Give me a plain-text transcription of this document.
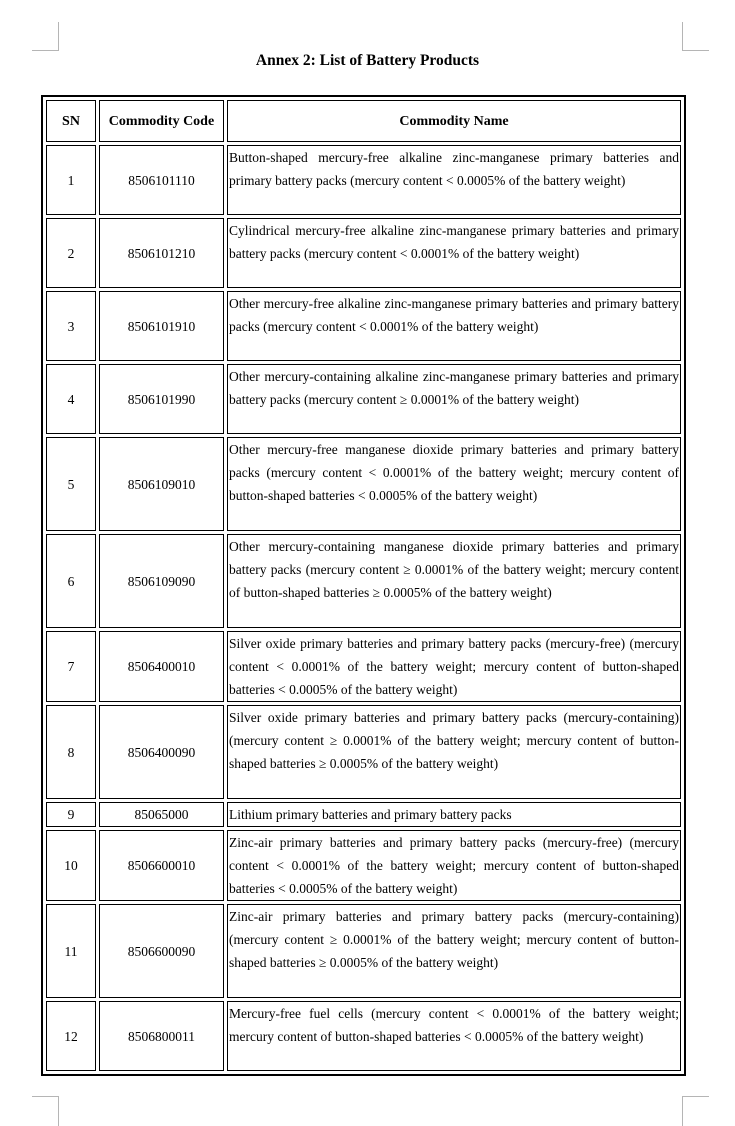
Annex 2: List of Battery Products
SN	Commodity Code	Commodity Name
1	8506101110	Button-shaped mercury-free alkaline zinc-manganese primary batteries and primary battery packs (mercury content < 0.0005% of the battery weight)
2	8506101210	Cylindrical mercury-free alkaline zinc-manganese primary batteries and primary battery packs (mercury content < 0.0001% of the battery weight)
3	8506101910	Other mercury-free alkaline zinc-manganese primary batteries and primary battery packs (mercury content < 0.0001% of the battery weight)
4	8506101990	Other mercury-containing alkaline zinc-manganese primary batteries and primary battery packs (mercury content ≥ 0.0001% of the battery weight)
5	8506109010	Other mercury-free manganese dioxide primary batteries and primary battery packs (mercury content < 0.0001% of the battery weight; mercury content of button-shaped batteries < 0.0005% of the battery weight)
6	8506109090	Other mercury-containing manganese dioxide primary batteries and primary battery packs (mercury content ≥ 0.0001% of the battery weight; mercury content of button-shaped batteries ≥ 0.0005% of the battery weight)
7	8506400010	Silver oxide primary batteries and primary battery packs (mercury-free) (mercury content < 0.0001% of the battery weight; mercury content of button-shaped batteries < 0.0005% of the battery weight)
8	8506400090	Silver oxide primary batteries and primary battery packs (mercury-containing) (mercury content ≥ 0.0001% of the battery weight; mercury content of button-shaped batteries ≥ 0.0005% of the battery weight)
9	85065000	Lithium primary batteries and primary battery packs
10	8506600010	Zinc-air primary batteries and primary battery packs (mercury-free) (mercury content < 0.0001% of the battery weight; mercury content of button-shaped batteries < 0.0005% of the battery weight)
11	8506600090	Zinc-air primary batteries and primary battery packs (mercury-containing) (mercury content ≥ 0.0001% of the battery weight; mercury content of button-shaped batteries ≥ 0.0005% of the battery weight)
12	8506800011	Mercury-free fuel cells (mercury content < 0.0001% of the battery weight; mercury content of button-shaped batteries < 0.0005% of the battery weight)
